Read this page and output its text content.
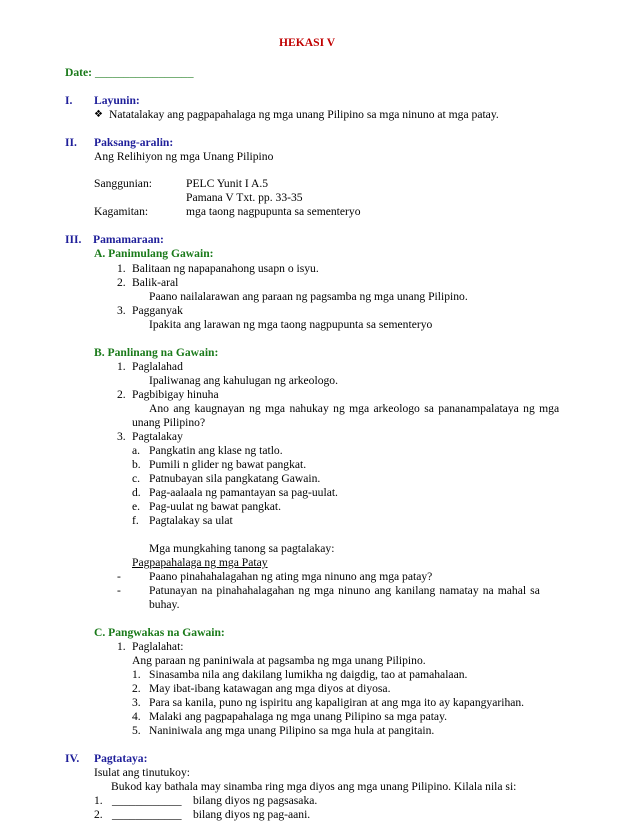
HEKASI V
Date: _________________
I. Layunin:
❖ Natatalakay ang pagpapahalaga ng mga unang Pilipino sa mga ninuno at mga patay.
II. Paksang-aralin:
Ang Relihiyon ng mga Unang Pilipino
Sanggunian:	PELC Yunit I A.5
Pamana V Txt. pp. 33-35
Kagamitan:	mga taong nagpupunta sa sementeryo
III. Pamamaraan:
A. Panimulang Gawain:
1. Balitaan ng napapanahong usapn o isyu.
2. Balik-aral
Paano nailalarawan ang paraan ng pagsamba ng mga unang Pilipino.
3. Pagganyak
Ipakita ang larawan ng mga taong nagpupunta sa sementeryo
B. Panlinang na Gawain:
1. Paglalahad
Ipaliwanag ang kahulugan ng arkeologo.
2. Pagbibigay hinuha
Ano ang kaugnayan ng mga nahukay ng mga arkeologo sa pananampalataya ng mga
unang Pilipino?
3. Pagtalakay
a. Pangkatin ang klase ng tatlo.
b. Pumili n glider ng bawat pangkat.
c. Patnubayan sila pangkatang Gawain.
d. Pag-aalaala ng pamantayan sa pag-uulat.
e. Pag-uulat ng bawat pangkat.
f. Pagtalakay sa ulat
Mga mungkahing tanong sa pagtalakay:
Pagpapahalaga ng mga Patay
- Paano pinahahalagahan ng ating mga ninuno ang mga patay?
- Patunayan na pinahahalagahan ng mga ninuno ang kanilang namatay na mahal sa
buhay.
C. Pangwakas na Gawain:
1. Paglalahat:
Ang paraan ng paniniwala at pagsamba ng mga unang Pilipino.
1. Sinasamba nila ang dakilang lumikha ng daigdig, tao at pamahalaan.
2. May ibat-ibang katawagan ang mga diyos at diyosa.
3. Para sa kanila, puno ng ispiritu ang kapaligiran at ang mga ito ay kapangyarihan.
4. Malaki ang pagpapahalaga ng mga unang Pilipino sa mga patay.
5. Naniniwala ang mga unang Pilipino sa mga hula at pangitain.
IV. Pagtataya:
Isulat ang tinutukoy:
Bukod kay bathala may sinamba ring mga diyos ang mga unang Pilipino. Kilala nila si:
1. ____________ bilang diyos ng pagsasaka.
2. ____________ bilang diyos ng pag-aani.
